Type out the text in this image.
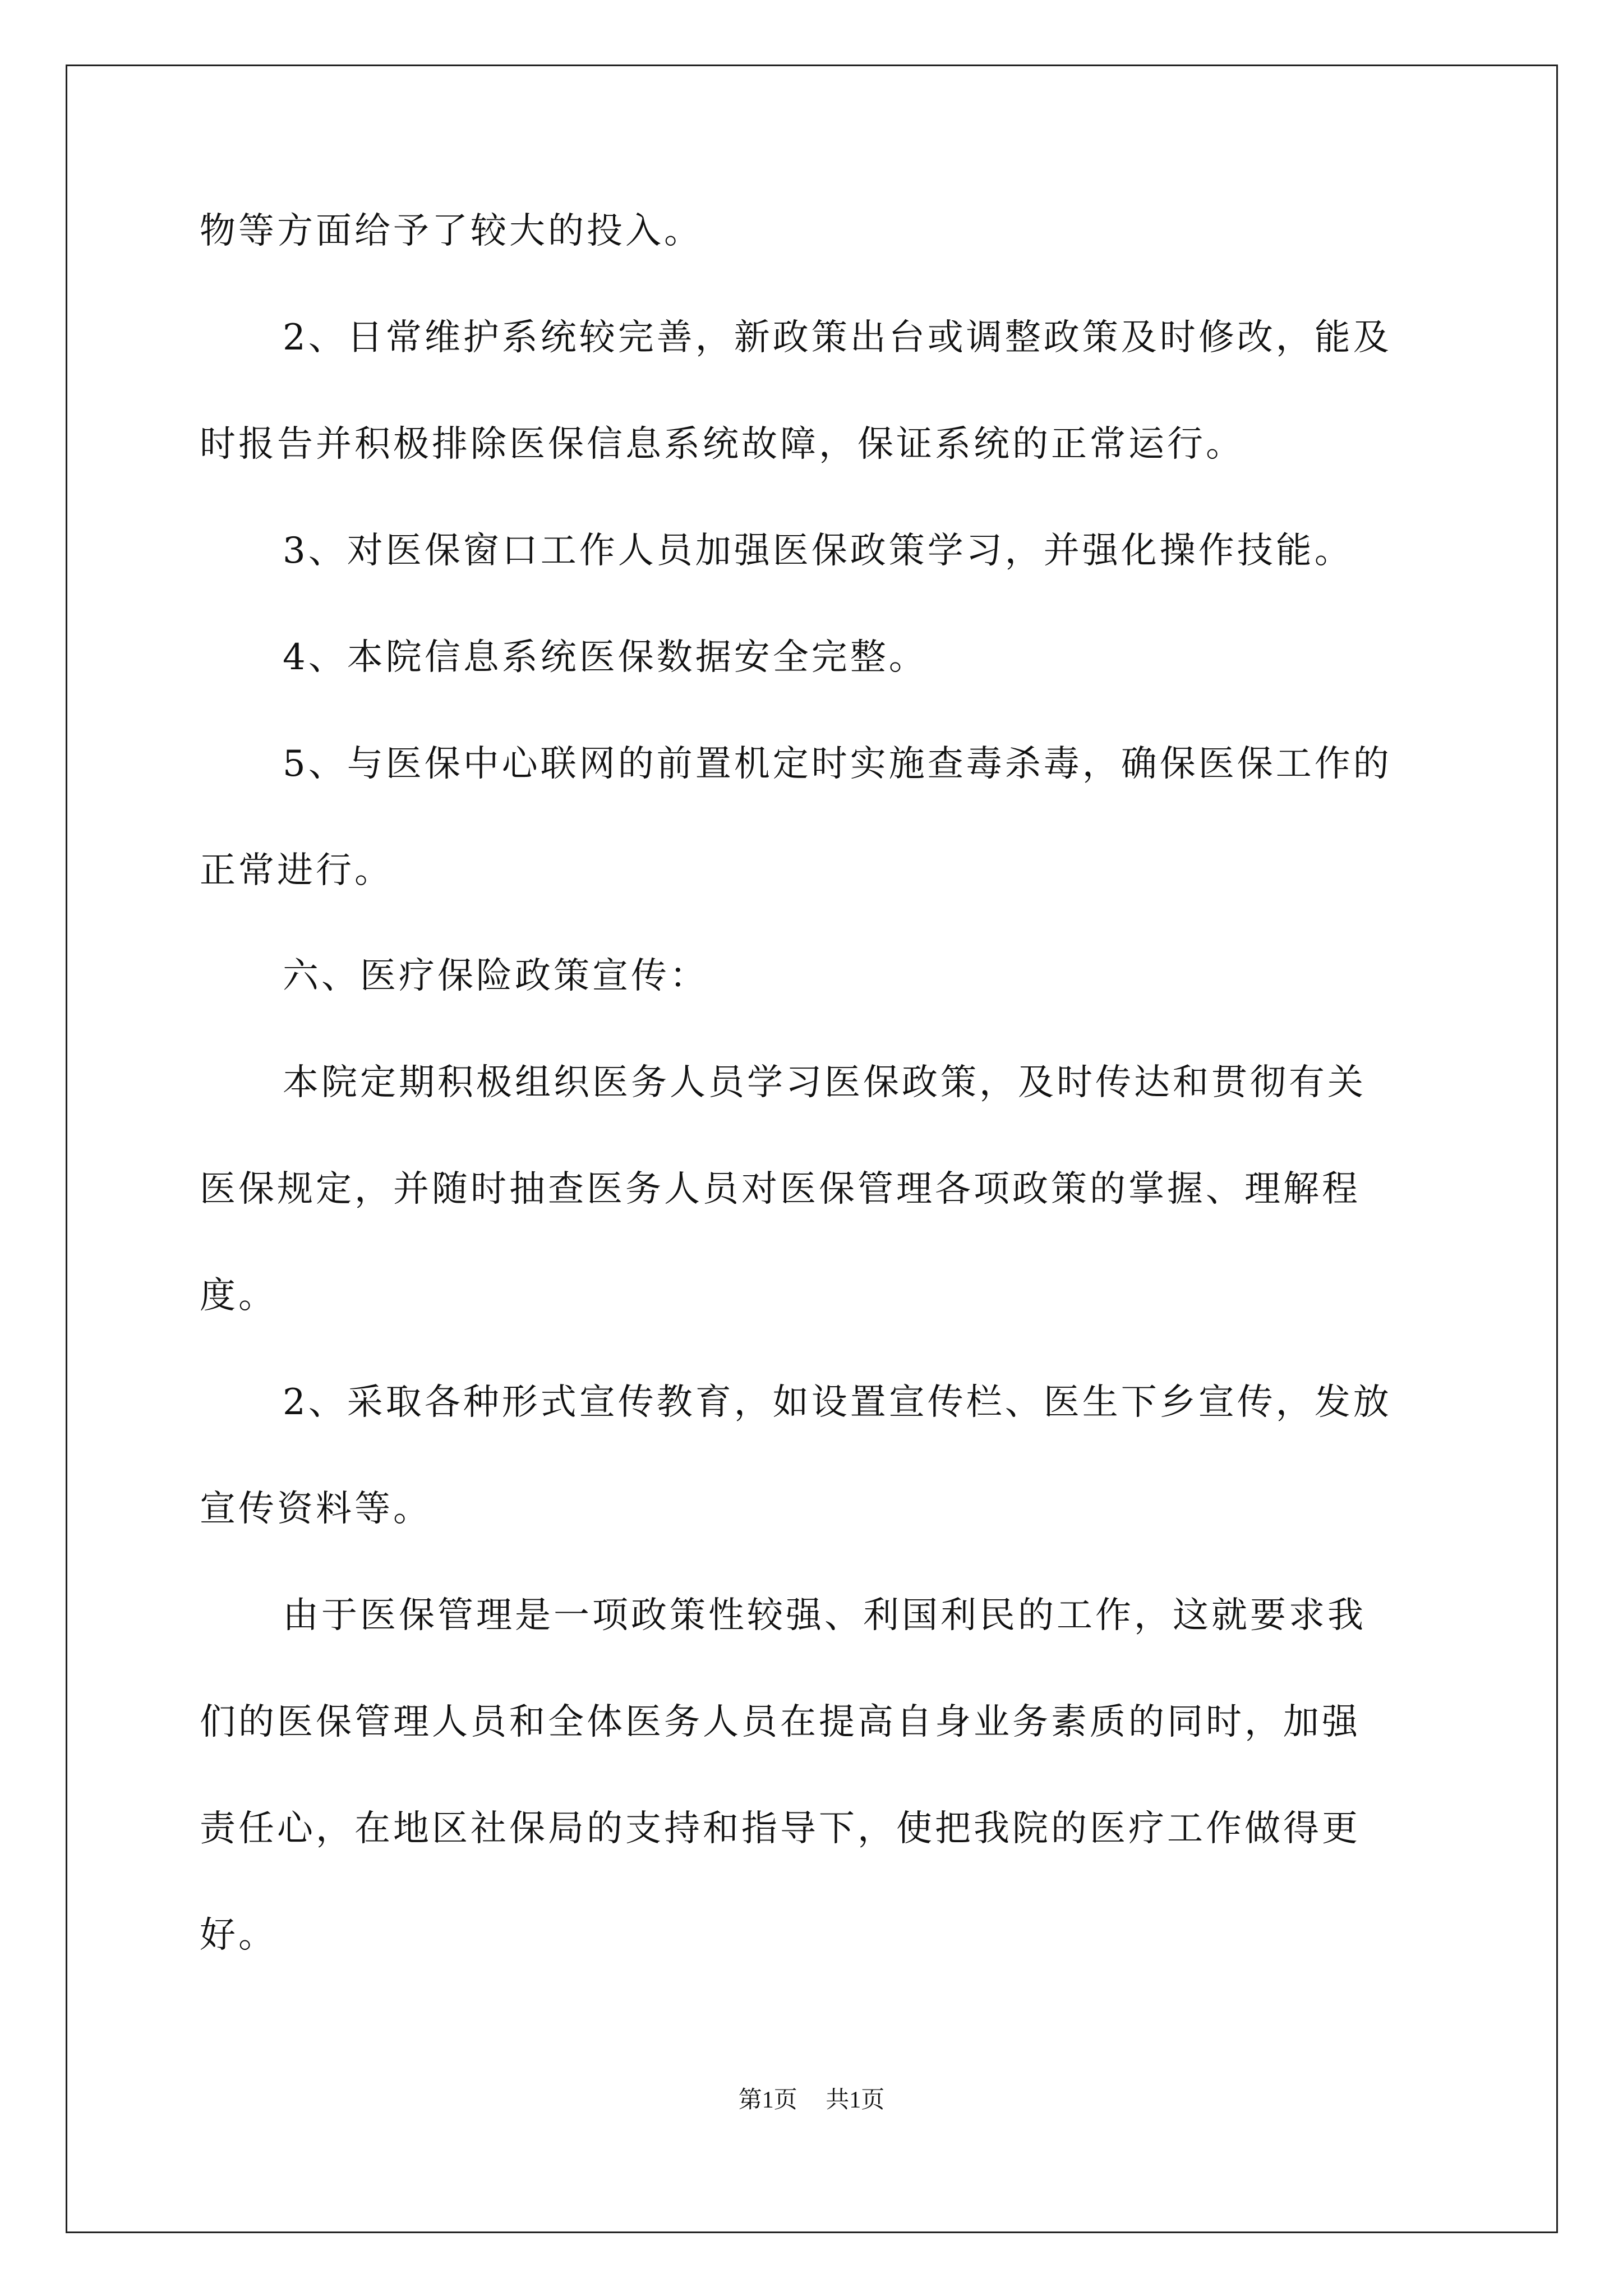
物等方面给予了较大的投入。
2、日常维护系统较完善，新政策出台或调整政策及时修改，能及
时报告并积极排除医保信息系统故障，保证系统的正常运行。
3、对医保窗口工作人员加强医保政策学习，并强化操作技能。
4、本院信息系统医保数据安全完整。
5、与医保中心联网的前置机定时实施查毒杀毒，确保医保工作的
正常进行。
六、医疗保险政策宣传：
本院定期积极组织医务人员学习医保政策，及时传达和贯彻有关
医保规定，并随时抽查医务人员对医保管理各项政策的掌握、理解程
度。
2、采取各种形式宣传教育，如设置宣传栏、医生下乡宣传，发放
宣传资料等。
由于医保管理是一项政策性较强、利国利民的工作，这就要求我
们的医保管理人员和全体医务人员在提高自身业务素质的同时，加强
责任心，在地区社保局的支持和指导下，使把我院的医疗工作做得更
好。
第1页 共1页
